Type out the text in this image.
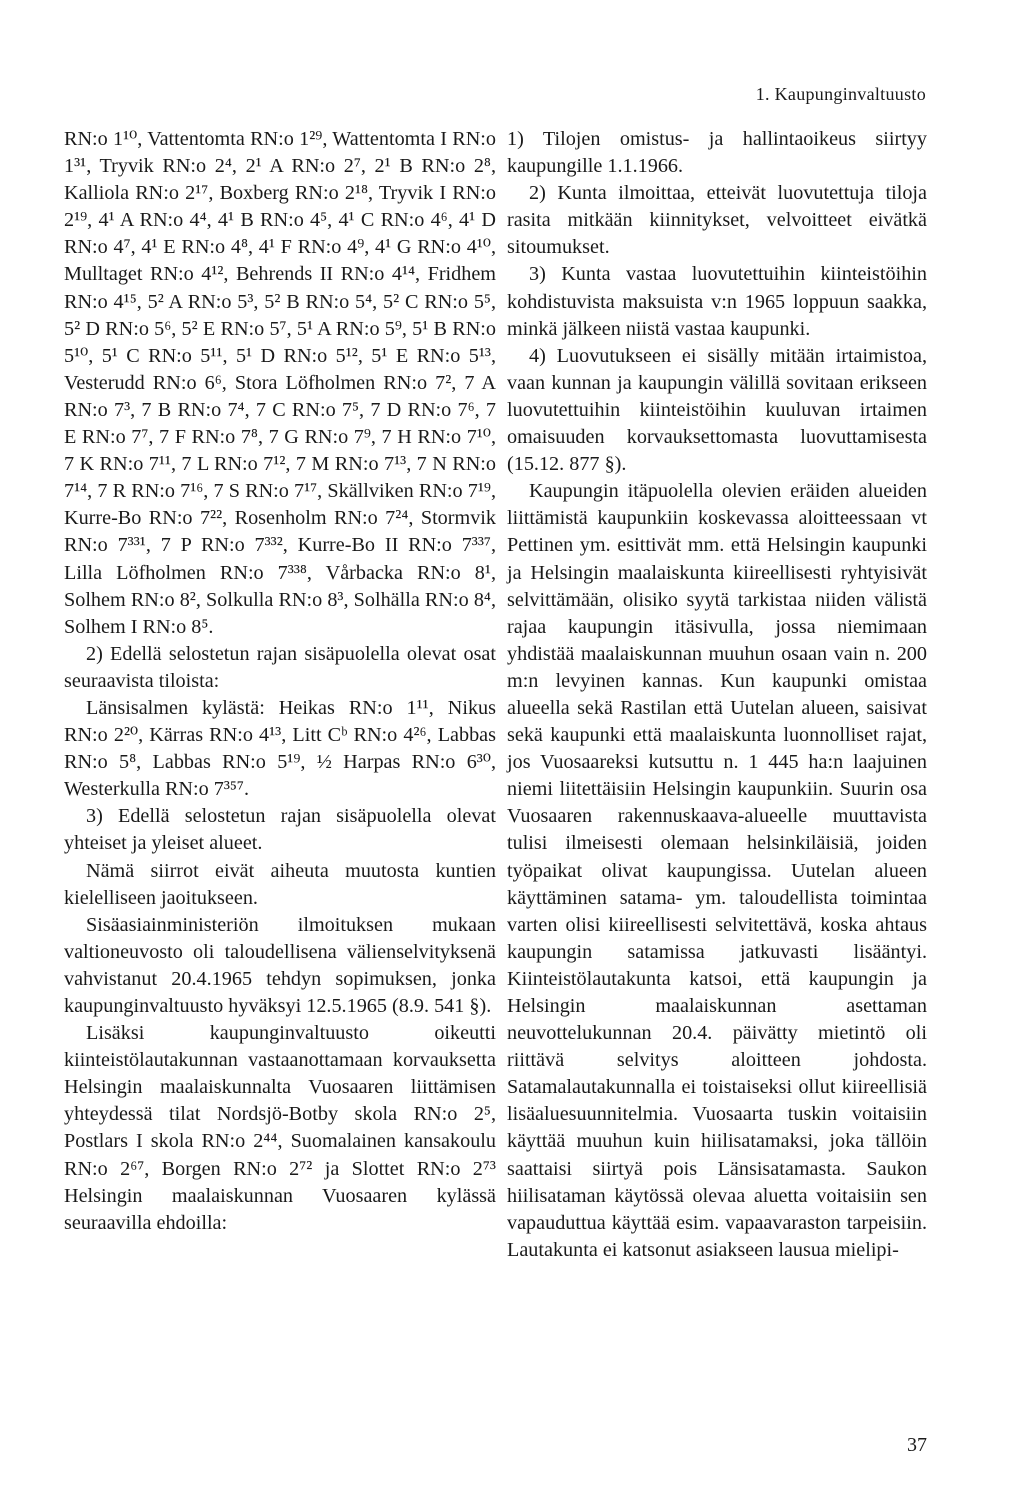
1. Kaupunginvaltuusto

RN:o 1¹⁰, Vattentomta RN:o 1²⁹, Wattentomta I RN:o 1³¹, Tryvik RN:o 2⁴, 2¹ A RN:o 2⁷, 2¹ B RN:o 2⁸, Kalliola RN:o 2¹⁷, Boxberg RN:o 2¹⁸, Tryvik I RN:o 2¹⁹, 4¹ A RN:o 4⁴, 4¹ B RN:o 4⁵, 4¹ C RN:o 4⁶, 4¹ D RN:o 4⁷, 4¹ E RN:o 4⁸, 4¹ F RN:o 4⁹, 4¹ G RN:o 4¹⁰, Mulltaget RN:o 4¹², Behrends II RN:o 4¹⁴, Fridhem RN:o 4¹⁵, 5² A RN:o 5³, 5² B RN:o 5⁴, 5² C RN:o 5⁵, 5² D RN:o 5⁶, 5² E RN:o 5⁷, 5¹ A RN:o 5⁹, 5¹ B RN:o 5¹⁰, 5¹ C RN:o 5¹¹, 5¹ D RN:o 5¹², 5¹ E RN:o 5¹³, Vesterudd RN:o 6⁶, Stora Löfholmen RN:o 7², 7 A RN:o 7³, 7 B RN:o 7⁴, 7 C RN:o 7⁵, 7 D RN:o 7⁶, 7 E RN:o 7⁷, 7 F RN:o 7⁸, 7 G RN:o 7⁹, 7 H RN:o 7¹⁰, 7 K RN:o 7¹¹, 7 L RN:o 7¹², 7 M RN:o 7¹³, 7 N RN:o 7¹⁴, 7 R RN:o 7¹⁶, 7 S RN:o 7¹⁷, Skällviken RN:o 7¹⁹, Kurre-Bo RN:o 7²², Rosenholm RN:o 7²⁴, Stormvik RN:o 7³³¹, 7 P RN:o 7³³², Kurre-Bo II RN:o 7³³⁷, Lilla Löfholmen RN:o 7³³⁸, Vårbacka RN:o 8¹, Solhem RN:o 8², Solkulla RN:o 8³, Solhälla RN:o 8⁴, Solhem I RN:o 8⁵.

2) Edellä selostetun rajan sisäpuolella olevat osat seuraavista tiloista:

Länsisalmen kylästä: Heikas RN:o 1¹¹, Nikus RN:o 2²⁰, Kärras RN:o 4¹³, Litt Cᵇ RN:o 4²⁶, Labbas RN:o 5⁸, Labbas RN:o 5¹⁹, ½ Harpas RN:o 6³⁰, Westerkulla RN:o 7³⁵⁷.

3) Edellä selostetun rajan sisäpuolella olevat yhteiset ja yleiset alueet.

Nämä siirrot eivät aiheuta muutosta kuntien kielelliseen jaoitukseen.

Sisäasiainministeriön ilmoituksen mukaan valtioneuvosto oli taloudellisena välienselvityksenä vahvistanut 20.4.1965 tehdyn sopimuksen, jonka kaupunginvaltuusto hyväksyi 12.5.1965 (8.9. 541 §).

Lisäksi kaupunginvaltuusto oikeutti kiinteistölautakunnan vastaanottamaan korvauksetta Helsingin maalaiskunnalta Vuosaaren liittämisen yhteydessä tilat Nordsjö-Botby skola RN:o 2⁵, Postlars I skola RN:o 2⁴⁴, Suomalainen kansakoulu RN:o 2⁶⁷, Borgen RN:o 2⁷² ja Slottet RN:o 2⁷³ Helsingin maalaiskunnan Vuosaaren kylässä seuraavilla ehdoilla:

1) Tilojen omistus- ja hallintaoikeus siirtyy kaupungille 1.1.1966.

2) Kunta ilmoittaa, etteivät luovutettuja tiloja rasita mitkään kiinnitykset, velvoitteet eivätkä sitoumukset.

3) Kunta vastaa luovutettuihin kiinteistöihin kohdistuvista maksuista v:n 1965 loppuun saakka, minkä jälkeen niistä vastaa kaupunki.

4) Luovutukseen ei sisälly mitään irtaimistoa, vaan kunnan ja kaupungin välillä sovitaan erikseen luovutettuihin kiinteistöihin kuuluvan irtaimen omaisuuden korvauksettomasta luovuttamisesta (15.12. 877 §).

Kaupungin itäpuolella olevien eräiden alueiden liittämistä kaupunkiin koskevassa aloitteessaan vt Pettinen ym. esittivät mm. että Helsingin kaupunki ja Helsingin maalaiskunta kiireellisesti ryhtyisivät selvittämään, olisiko syytä tarkistaa niiden välistä rajaa kaupungin itäsivulla, jossa niemimaan yhdistää maalaiskunnan muuhun osaan vain n. 200 m:n levyinen kannas. Kun kaupunki omistaa alueella sekä Rastilan että Uutelan alueen, saisivat sekä kaupunki että maalaiskunta luonnolliset rajat, jos Vuosaareksi kutsuttu n. 1 445 ha:n laajuinen niemi liitettäisiin Helsingin kaupunkiin. Suurin osa Vuosaaren rakennuskaava-alueelle muuttavista tulisi ilmeisesti olemaan helsinkiläisiä, joiden työpaikat olivat kaupungissa. Uutelan alueen käyttäminen satama- ym. taloudellista toimintaa varten olisi kiireellisesti selvitettävä, koska ahtaus kaupungin satamissa jatkuvasti lisääntyi. Kiinteistölautakunta katsoi, että kaupungin ja Helsingin maalaiskunnan asettaman neuvottelukunnan 20.4. päivätty mietintö oli riittävä selvitys aloitteen johdosta. Satamalautakunnalla ei toistaiseksi ollut kiireellisiä lisäaluesuunnitelmia. Vuosaarta tuskin voitaisiin käyttää muuhun kuin hiilisatamaksi, joka tällöin saattaisi siirtyä pois Länsisatamasta. Saukon hiilisataman käytössä olevaa aluetta voitaisiin sen vapauduttua käyttää esim. vapaavaraston tarpeisiin. Lautakunta ei katsonut asiakseen lausua mielipi-

37
